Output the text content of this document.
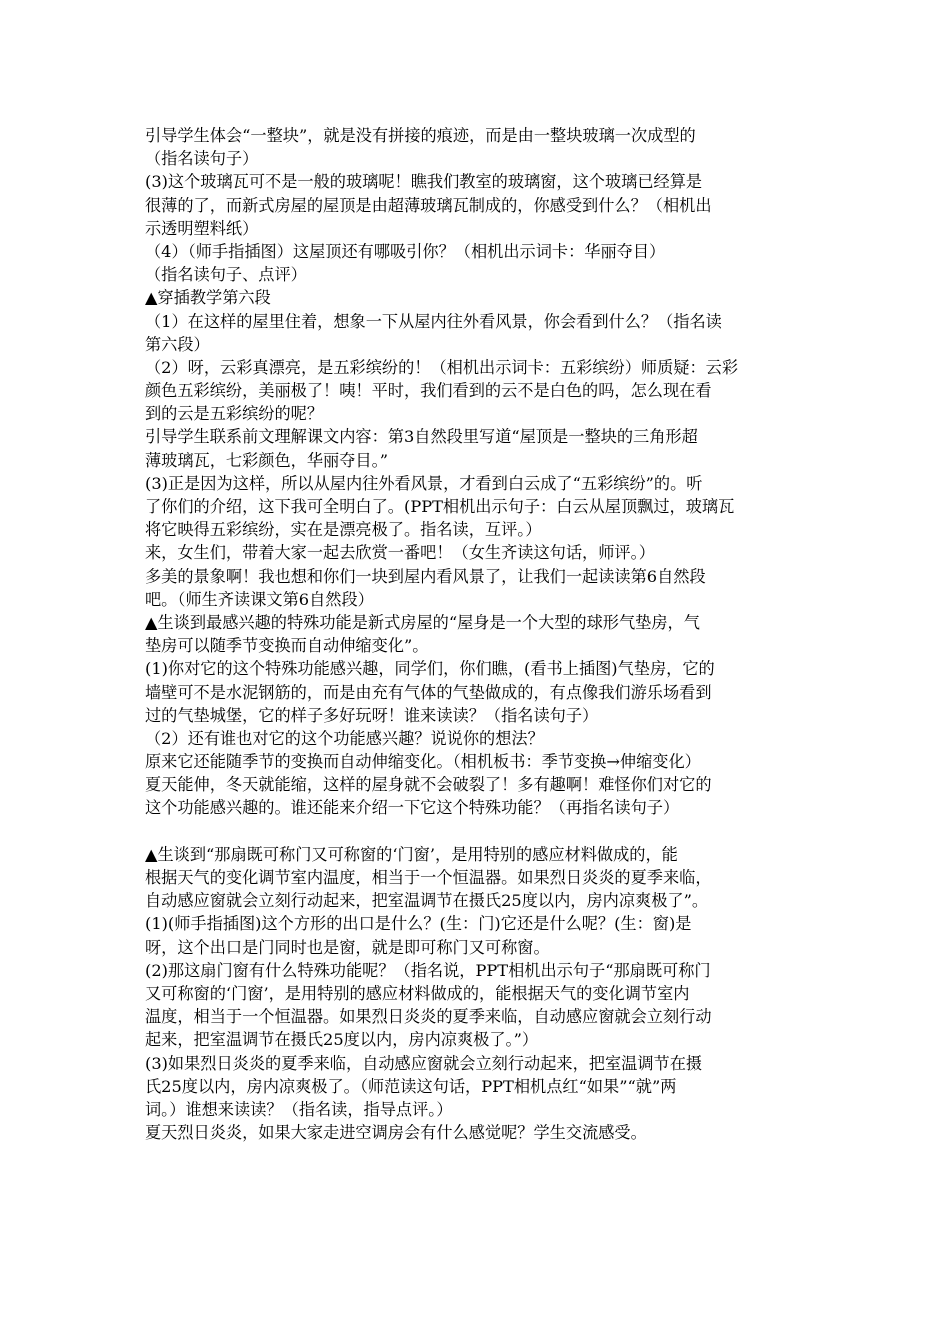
引导学生体会“一整块”，就是没有拼接的痕迹，而是由一整块玻璃一次成型的
（指名读句子）
(3)这个玻璃瓦可不是一般的玻璃呢！瞧我们教室的玻璃窗，这个玻璃已经算是
很薄的了，而新式房屋的屋顶是由超薄玻璃瓦制成的，你感受到什么？（相机出
示透明塑料纸）
（4）（师手指插图）这屋顶还有哪吸引你？（相机出示词卡：华丽夺目）
（指名读句子、点评）
▲穿插教学第六段
（1）在这样的屋里住着，想象一下从屋内往外看风景，你会看到什么？（指名读
第六段）
（2）呀，云彩真漂亮，是五彩缤纷的！（相机出示词卡：五彩缤纷）师质疑：云彩
颜色五彩缤纷，美丽极了！咦！平时，我们看到的云不是白色的吗，怎么现在看
到的云是五彩缤纷的呢？
引导学生联系前文理解课文内容：第3自然段里写道“屋顶是一整块的三角形超
薄玻璃瓦，七彩颜色，华丽夺目。”
(3)正是因为这样，所以从屋内往外看风景，才看到白云成了“五彩缤纷”的。听
了你们的介绍，这下我可全明白了。(PPT相机出示句子：白云从屋顶飘过，玻璃瓦
将它映得五彩缤纷，实在是漂亮极了。指名读，互评。）
来，女生们，带着大家一起去欣赏一番吧！（女生齐读这句话，师评。）
多美的景象啊！我也想和你们一块到屋内看风景了，让我们一起读读第6自然段
吧。（师生齐读课文第6自然段）
▲生谈到最感兴趣的特殊功能是新式房屋的“屋身是一个大型的球形气垫房，气
垫房可以随季节变换而自动伸缩变化”。
(1)你对它的这个特殊功能感兴趣，同学们，你们瞧，(看书上插图)气垫房，它的
墙壁可不是水泥钢筋的，而是由充有气体的气垫做成的，有点像我们游乐场看到
过的气垫城堡，它的样子多好玩呀！谁来读读？（指名读句子）
（2）还有谁也对它的这个功能感兴趣？说说你的想法？
原来它还能随季节的变换而自动伸缩变化。（相机板书：季节变换→伸缩变化）
夏天能伸，冬天就能缩，这样的屋身就不会破裂了！多有趣啊！难怪你们对它的
这个功能感兴趣的。谁还能来介绍一下它这个特殊功能？（再指名读句子）
▲生谈到“那扇既可称门又可称窗的‘门窗’，是用特别的感应材料做成的，能
根据天气的变化调节室内温度，相当于一个恒温器。如果烈日炎炎的夏季来临，
自动感应窗就会立刻行动起来，把室温调节在摄氏25度以内，房内凉爽极了”。
(1)(师手指插图)这个方形的出口是什么？(生：门)它还是什么呢？(生：窗)是
呀，这个出口是门同时也是窗，就是即可称门又可称窗。
(2)那这扇门窗有什么特殊功能呢？（指名说，PPT相机出示句子“那扇既可称门
又可称窗的‘门窗’，是用特别的感应材料做成的，能根据天气的变化调节室内
温度，相当于一个恒温器。如果烈日炎炎的夏季来临，自动感应窗就会立刻行动
起来，把室温调节在摄氏25度以内，房内凉爽极了。”）
(3)如果烈日炎炎的夏季来临，自动感应窗就会立刻行动起来，把室温调节在摄
氏25度以内，房内凉爽极了。（师范读这句话，PPT相机点红“如果”“就”两
词。）谁想来读读？（指名读，指导点评。）
夏天烈日炎炎，如果大家走进空调房会有什么感觉呢？学生交流感受。
